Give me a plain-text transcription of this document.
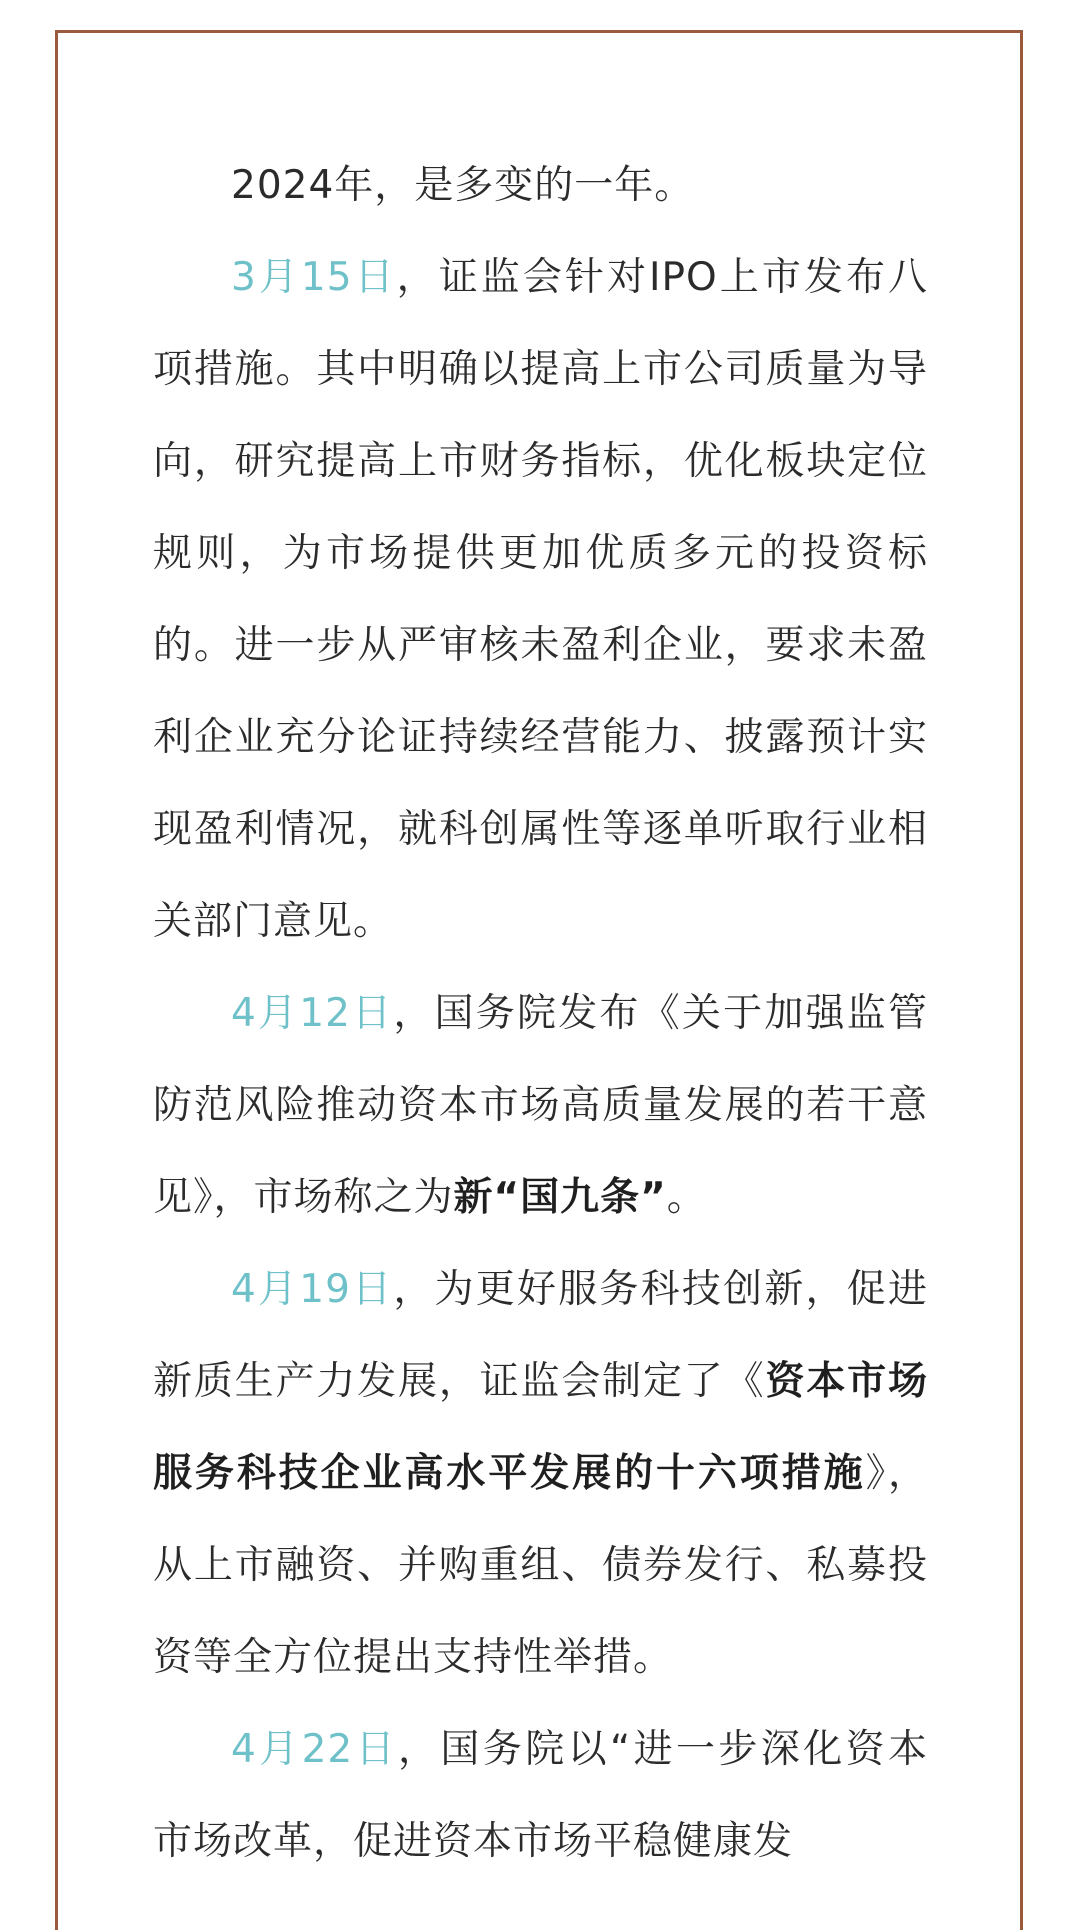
2024年，是多变的一年。

3月15日，证监会针对IPO上市发布八项措施。其中明确以提高上市公司质量为导向，研究提高上市财务指标，优化板块定位规则，为市场提供更加优质多元的投资标的。进一步从严审核未盈利企业，要求未盈利企业充分论证持续经营能力、披露预计实现盈利情况，就科创属性等逐单听取行业相关部门意见。

4月12日，国务院发布《关于加强监管防范风险推动资本市场高质量发展的若干意见》，市场称之为新“国九条”。

4月19日，为更好服务科技创新，促进新质生产力发展，证监会制定了《资本市场服务科技企业高水平发展的十六项措施》，从上市融资、并购重组、债券发行、私募投资等全方位提出支持性举措。

4月22日，国务院以“进一步深化资本市场改革，促进资本市场平稳健康发
